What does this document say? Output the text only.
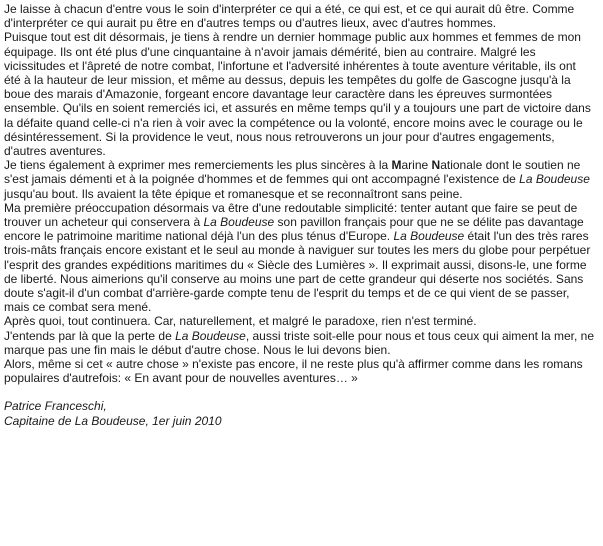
Je laisse à chacun d'entre vous le soin d'interpréter ce qui a été, ce qui est, et ce qui aurait dû être. Comme d'interpréter ce qui aurait pu être en d'autres temps ou d'autres lieux, avec d'autres hommes.

Puisque tout est dit désormais, je tiens à rendre un dernier hommage public aux hommes et femmes de mon équipage. Ils ont été plus d'une cinquantaine à n'avoir jamais démérité, bien au contraire. Malgré les vicissitudes et l'âpreté de notre combat, l'infortune et l'adversité inhérentes à toute aventure véritable, ils ont été à la hauteur de leur mission, et même au dessus, depuis les tempêtes du golfe de Gascogne jusqu'à la boue des marais d'Amazonie, forgeant encore davantage leur caractère dans les épreuves surmontées ensemble. Qu'ils en soient remerciés ici, et assurés en même temps qu'il y a toujours une part de victoire dans la défaite quand celle-ci n'a rien à voir avec la compétence ou la volonté, encore moins avec le courage ou le désintéressement. Si la providence le veut, nous nous retrouverons un jour pour d'autres engagements, d'autres aventures.

Je tiens également à exprimer mes remerciements les plus sincères à la Marine Nationale dont le soutien ne s'est jamais démenti et à la poignée d'hommes et de femmes qui ont accompagné l'existence de La Boudeuse jusqu'au bout. Ils avaient la tête épique et romanesque et se reconnaîtront sans peine.

Ma première préoccupation désormais va être d'une redoutable simplicité: tenter autant que faire se peut de trouver un acheteur qui conservera à La Boudeuse son pavillon français pour que ne se délite pas davantage encore le patrimoine maritime national déjà l'un des plus ténus d'Europe. La Boudeuse était l'un des très rares trois-mâts français encore existant et le seul au monde à naviguer sur toutes les mers du globe pour perpétuer l'esprit des grandes expéditions maritimes du « Siècle des Lumières ». Il exprimait aussi, disons-le, une forme de liberté. Nous aimerions qu'il conserve au moins une part de cette grandeur qui déserte nos sociétés. Sans doute s'agit-il d'un combat d'arrière-garde compte tenu de l'esprit du temps et de ce qui vient de se passer, mais ce combat sera mené.

Après quoi, tout continuera. Car, naturellement, et malgré le paradoxe, rien n'est terminé.

J'entends par là que la perte de La Boudeuse, aussi triste soit-elle pour nous et tous ceux qui aiment la mer, ne marque pas une fin mais le début d'autre chose. Nous le lui devons bien.

Alors, même si cet « autre chose » n'existe pas encore, il ne reste plus qu'à affirmer comme dans les romans populaires d'autrefois: « En avant pour de nouvelles aventures… »

Patrice Franceschi,

Capitaine de La Boudeuse, 1er juin 2010
